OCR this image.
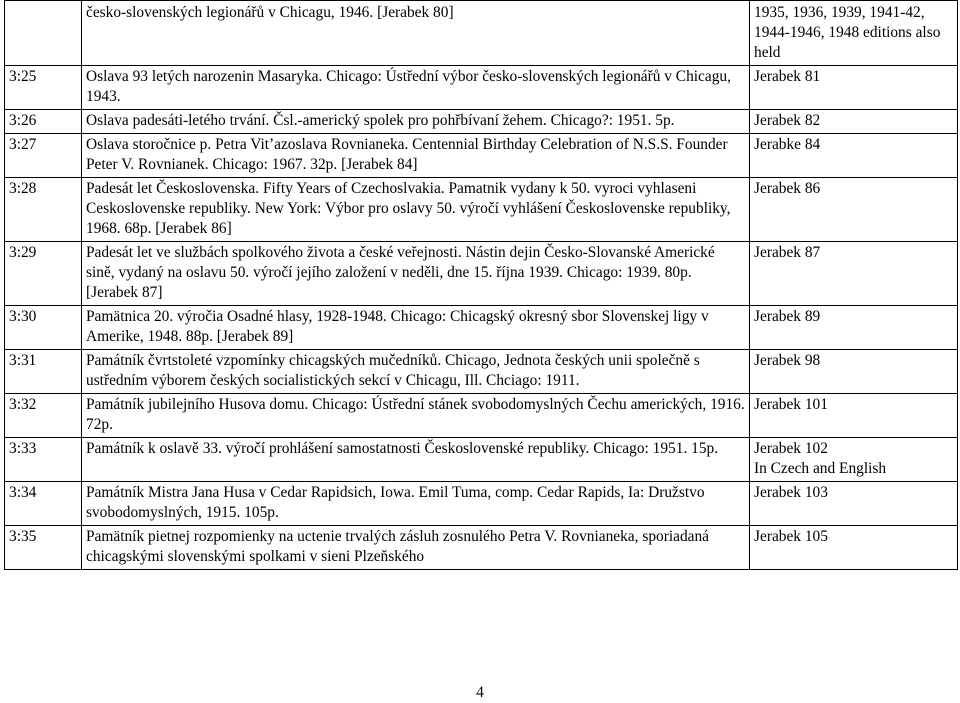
	česko-slovenských legionářů v Chicagu, 1946. [Jerabek 80]	1935, 1936, 1939, 1941-42, 1944-1946, 1948 editions also held
3:25	Oslava 93 letých narozenin Masaryka. Chicago: Ústřední výbor česko-slovenských legionářů v Chicagu, 1943.	Jerabek 81

3:26	Oslava padesáti-letého trvání. Čsl.-americký spolek pro pohřbívaní žehem. Chicago?: 1951. 5p.	Jerabek 82

3:27	Oslava storočnice p. Petra Vit’azoslava Rovnianeka. Centennial Birthday Celebration of N.S.S. Founder Peter V. Rovnianek. Chicago: 1967. 32p. [Jerabek 84]	Jerabke 84

3:28	Padesát let Československa. Fifty Years of Czechoslvakia. Pamatnik vydany k 50. vyroci vyhlaseni Ceskoslovenske republiky. New York: Výbor pro oslavy 50. výročí vyhlášení Československe republiky, 1968. 68p. [Jerabek 86]	Jerabek 86

3:29	Padesát let ve službách spolkového života a české veřejnosti. Nástin dejin Česko-Slovanské Americké sině, vydaný na oslavu 50. výročí jejího založení v neděli, dne 15. října 1939. Chicago: 1939. 80p. [Jerabek 87]	Jerabek 87

3:30	Pamätnica 20. výročia Osadné hlasy, 1928-1948. Chicago: Chicagský okresný sbor Slovenskej ligy v Amerike, 1948. 88p. [Jerabek 89]	Jerabek 89

3:31	Památník čvrtstoleté vzpomínky chicagských mučedníků. Chicago, Jednota českých unii společně s ustředním výborem českých socialistických sekcí v Chicagu, Ill. Chciago: 1911.	Jerabek 98

3:32	Památník jubilejního Husova domu. Chicago: Ústřední stánek svobodomyslných Čechu amerických, 1916. 72p.	Jerabek 101

3:33	Památník k oslavě 33. výročí prohlášení samostatnosti Československé republiky. Chicago: 1951. 15p.	Jerabek 102
In Czech and English

3:34	Památník Mistra Jana Husa v Cedar Rapidsich, Iowa. Emil Tuma, comp. Cedar Rapids, Ia: Družstvo svobodomyslných, 1915. 105p.	Jerabek 103

3:35	Pamätník pietnej rozpomienky na uctenie trvalých zásluh zosnulého Petra V. Rovnianeka, sporiadaná chicagskými slovenskými spolkami v sieni Plzeňského	Jerabek 105
4
